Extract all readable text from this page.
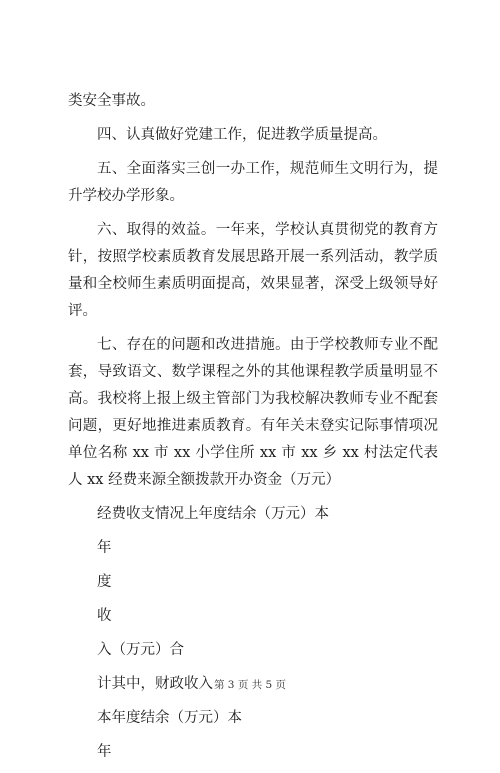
类安全事故。

四、认真做好党建工作，促进教学质量提高。

五、全面落实三创一办工作，规范师生文明行为，提升学校办学形象。

六、取得的效益。一年来，学校认真贯彻党的教育方针，按照学校素质教育发展思路开展一系列活动，教学质量和全校师生素质明面提高，效果显著，深受上级领导好评。

七、存在的问题和改进措施。由于学校教师专业不配套，导致语文、数学课程之外的其他课程教学质量明显不高。我校将上报上级主管部门为我校解决教师专业不配套问题，更好地推进素质教育。有年关末登实记际事情项况单位名称 xx 市 xx 小学住所 xx 市 xx 乡 xx 村法定代表人 xx 经费来源全额拨款开办资金（万元）

经费收支情况上年度结余（万元）本

年

度

收

入（万元）合

计其中，财政收入

本年度结余（万元）本

年

第 3 页 共 5 页
